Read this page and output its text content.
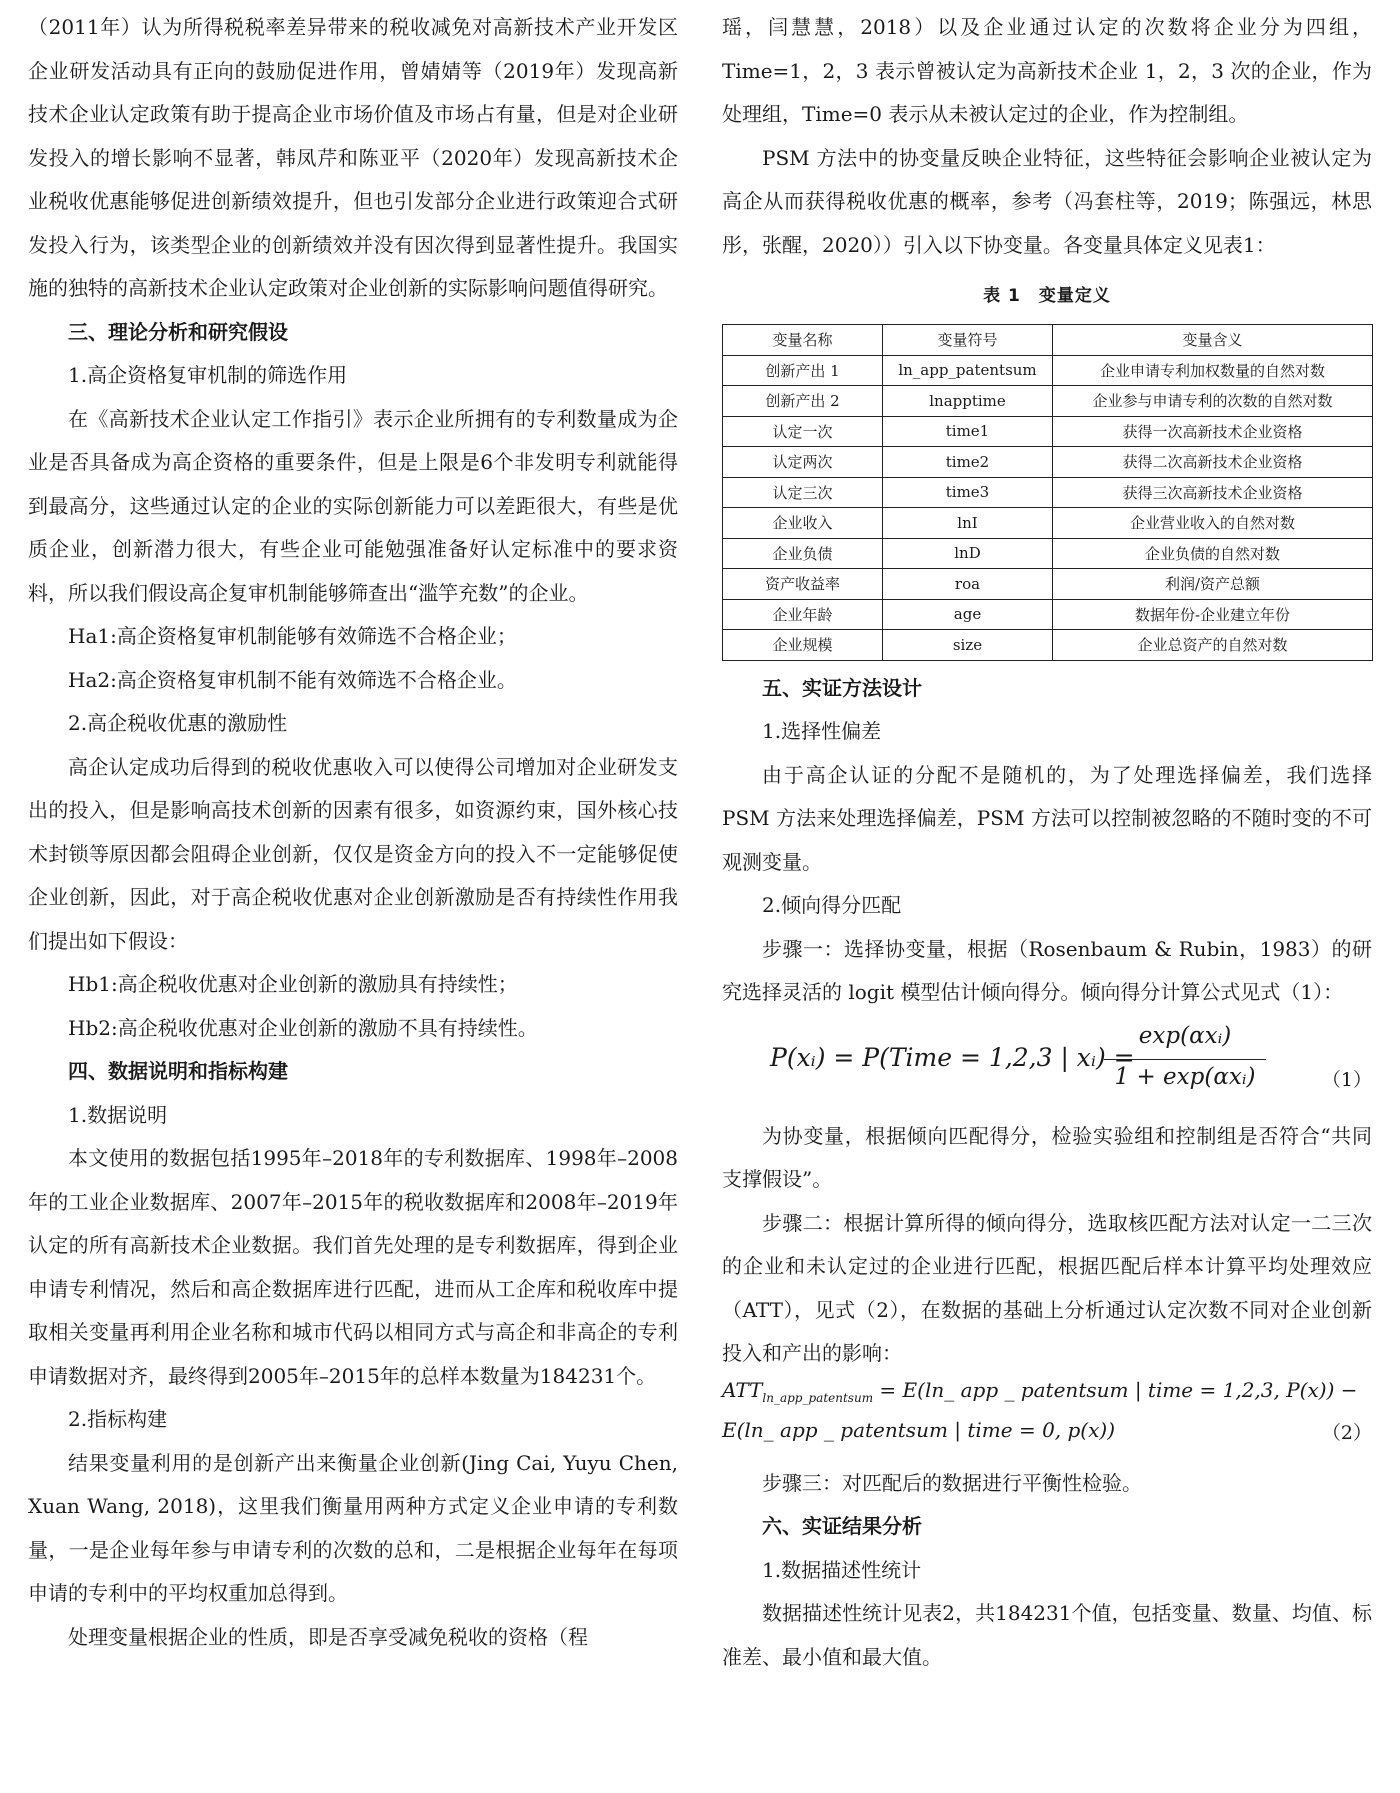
（2011年）认为所得税税率差异带来的税收减免对高新技术产业开发区企业研发活动具有正向的鼓励促进作用，曾婧婧等（2019年）发现高新技术企业认定政策有助于提高企业市场价值及市场占有量，但是对企业研发投入的增长影响不显著，韩凤芹和陈亚平（2020年）发现高新技术企业税收优惠能够促进创新绩效提升，但也引发部分企业进行政策迎合式研发投入行为，该类型企业的创新绩效并没有因次得到显著性提升。我国实施的独特的高新技术企业认定政策对企业创新的实际影响问题值得研究。

三、理论分析和研究假设

1.高企资格复审机制的筛选作用

在《高新技术企业认定工作指引》表示企业所拥有的专利数量成为企业是否具备成为高企资格的重要条件，但是上限是6个非发明专利就能得到最高分，这些通过认定的企业的实际创新能力可以差距很大，有些是优质企业，创新潜力很大，有些企业可能勉强准备好认定标准中的要求资料，所以我们假设高企复审机制能够筛查出“滥竽充数”的企业。

Ha1:高企资格复审机制能够有效筛选不合格企业；

Ha2:高企资格复审机制不能有效筛选不合格企业。

2.高企税收优惠的激励性

高企认定成功后得到的税收优惠收入可以使得公司增加对企业研发支出的投入，但是影响高技术创新的因素有很多，如资源约束，国外核心技术封锁等原因都会阻碍企业创新，仅仅是资金方向的投入不一定能够促使企业创新，因此，对于高企税收优惠对企业创新激励是否有持续性作用我们提出如下假设：

Hb1:高企税收优惠对企业创新的激励具有持续性；

Hb2:高企税收优惠对企业创新的激励不具有持续性。

四、数据说明和指标构建

1.数据说明

本文使用的数据包括1995年–2018年的专利数据库、1998年–2008年的工业企业数据库、2007年–2015年的税收数据库和2008年–2019年认定的所有高新技术企业数据。我们首先处理的是专利数据库，得到企业申请专利情况，然后和高企数据库进行匹配，进而从工企库和税收库中提取相关变量再利用企业名称和城市代码以相同方式与高企和非高企的专利申请数据对齐，最终得到2005年–2015年的总样本数量为184231个。

2.指标构建

结果变量利用的是创新产出来衡量企业创新(Jing Cai, Yuyu Chen, Xuan Wang, 2018)，这里我们衡量用两种方式定义企业申请的专利数量，一是企业每年参与申请专利的次数的总和，二是根据企业每年在每项申请的专利中的平均权重加总得到。

处理变量根据企业的性质，即是否享受减免税收的资格（程

瑶，闫慧慧，2018）以及企业通过认定的次数将企业分为四组，Time=1，2，3 表示曾被认定为高新技术企业 1，2，3 次的企业，作为处理组，Time=0 表示从未被认定过的企业，作为控制组。

PSM 方法中的协变量反映企业特征，这些特征会影响企业被认定为高企从而获得税收优惠的概率，参考（冯套柱等，2019；陈强远，林思彤，张醒，2020））引入以下协变量。各变量具体定义见表1：

表 1　变量定义
变量名称	变量符号	变量含义
创新产出 1	ln_app_patentsum	企业申请专利加权数量的自然对数
创新产出 2	lnapptime	企业参与申请专利的次数的自然对数
认定一次	time1	获得一次高新技术企业资格
认定两次	time2	获得二次高新技术企业资格
认定三次	time3	获得三次高新技术企业资格
企业收入	lnI	企业营业收入的自然对数
企业负债	lnD	企业负债的自然对数
资产收益率	roa	利润/资产总额
企业年龄	age	数据年份-企业建立年份
企业规模	size	企业总资产的自然对数

五、实证方法设计

1.选择性偏差

由于高企认证的分配不是随机的，为了处理选择偏差，我们选择 PSM 方法来处理选择偏差，PSM 方法可以控制被忽略的不随时变的不可观测变量。

2.倾向得分匹配

步骤一：选择协变量，根据（Rosenbaum & Rubin，1983）的研究选择灵活的 logit 模型估计倾向得分。倾向得分计算公式见式（1）：

P(xᵢ) = P(Time = 1,2,3 | xᵢ) =
exp(αxᵢ)
1 + exp(αxᵢ)	（1）

为协变量，根据倾向匹配得分，检验实验组和控制组是否符合“共同支撑假设”。

步骤二：根据计算所得的倾向得分，选取核匹配方法对认定一二三次的企业和未认定过的企业进行匹配，根据匹配后样本计算平均处理效应（ATT），见式（2），在数据的基础上分析通过认定次数不同对企业创新投入和产出的影响：

$ATT_{ln\_app\_patentsum}$ = E(ln_ app _ patentsum | time = 1,2,3, P(x)) −
E(ln_ app _ patentsum | time = 0, p(x))	（2）

步骤三：对匹配后的数据进行平衡性检验。

六、实证结果分析

1.数据描述性统计

数据描述性统计见表2，共184231个值，包括变量、数量、均值、标准差、最小值和最大值。
